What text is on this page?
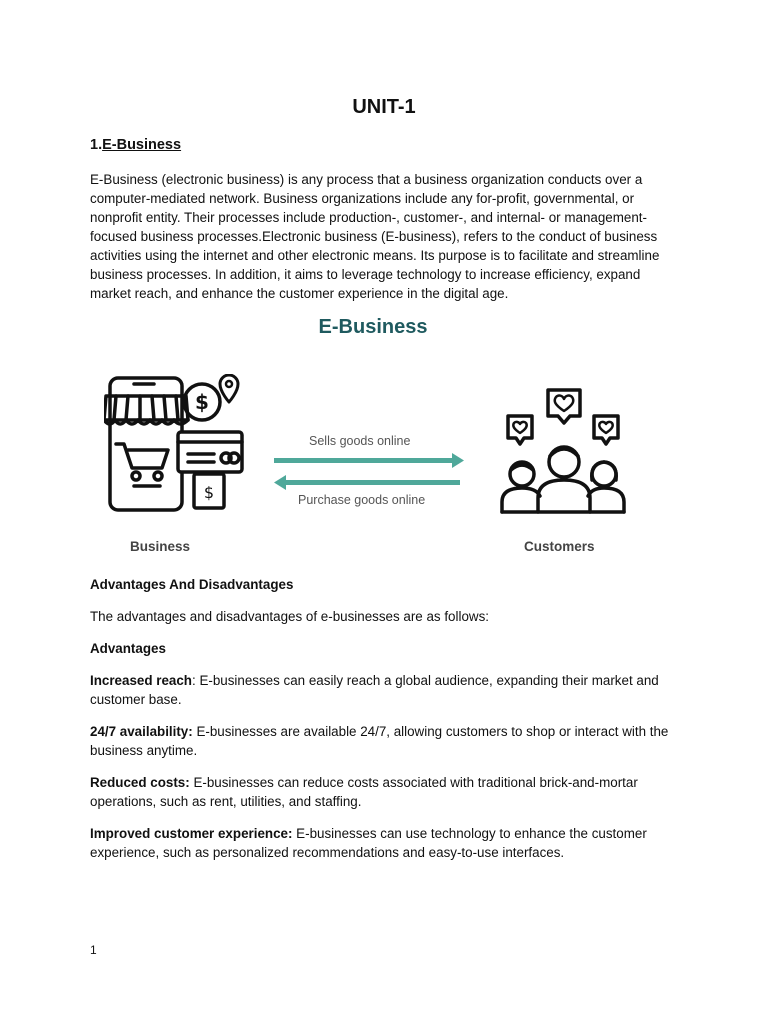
UNIT-1
1.E-Business

E-Business (electronic business) is any process that a business organization conducts over a computer-mediated network. Business organizations include any for-profit, governmental, or nonprofit entity. Their processes include production-, customer-, and internal- or management-focused business processes.Electronic business (E-business), refers to the conduct of business activities using the internet and other electronic means. Its purpose is to facilitate and streamline business processes. In addition, it aims to leverage technology to increase efficiency, expand market reach, and enhance the customer experience in the digital age.

E-Business
$
$
Sells goods online
Purchase goods online
Business	Customers

Advantages And Disadvantages

The advantages and disadvantages of e-businesses are as follows:

Advantages

Increased reach: E-businesses can easily reach a global audience, expanding their market and customer base.

24/7 availability: E-businesses are available 24/7, allowing customers to shop or interact with the business anytime.

Reduced costs: E-businesses can reduce costs associated with traditional brick-and-mortar operations, such as rent, utilities, and staffing.

Improved customer experience: E-businesses can use technology to enhance the customer experience, such as personalized recommendations and easy-to-use interfaces.

1
